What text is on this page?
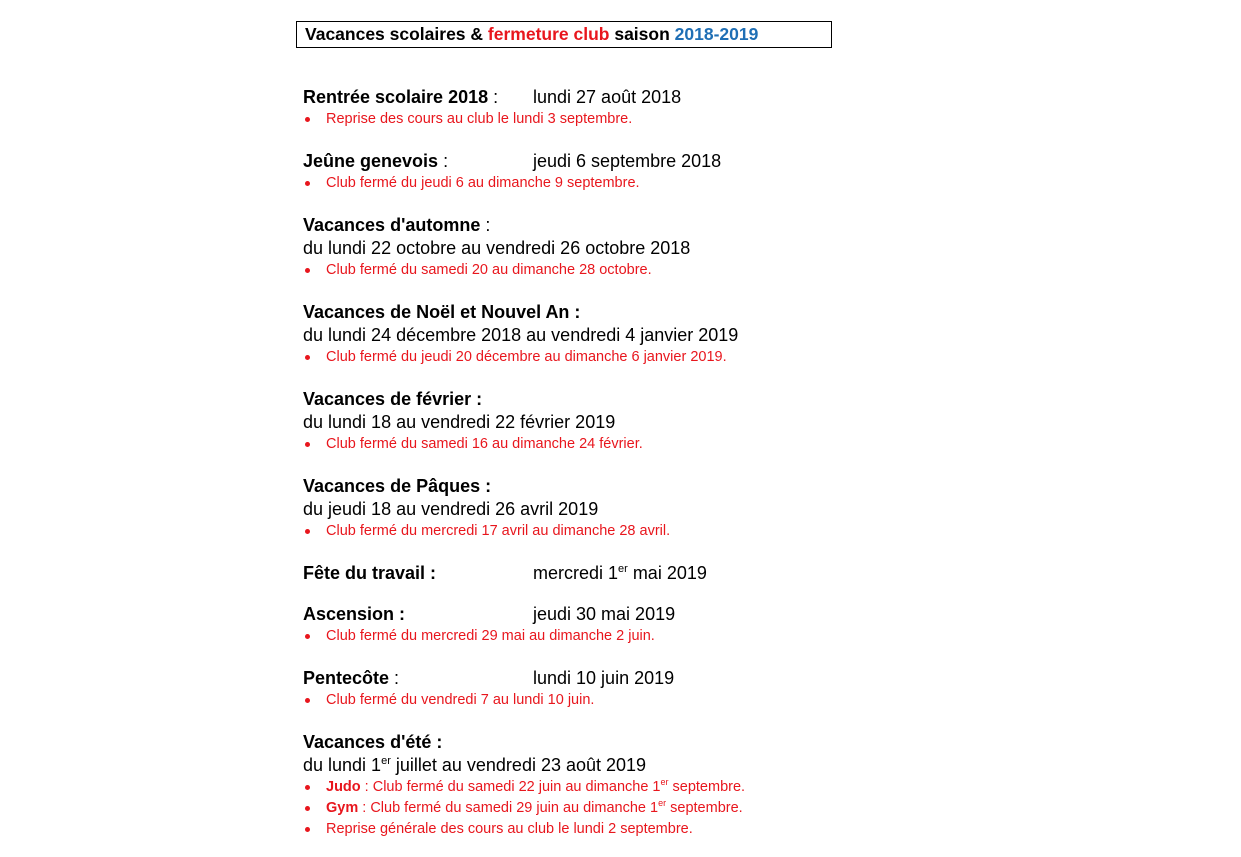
Vacances scolaires & fermeture club saison 2018-2019
Rentrée scolaire 2018 : lundi 27 août 2018
Reprise des cours au club le lundi 3 septembre.
Jeûne genevois :	jeudi 6 septembre 2018
Club fermé du jeudi 6 au dimanche 9 septembre.
Vacances d'automne :
du lundi 22 octobre au vendredi 26 octobre 2018
Club fermé du samedi 20 au dimanche 28 octobre.
Vacances de Noël et Nouvel An :
du lundi 24 décembre 2018 au vendredi 4 janvier 2019
Club fermé du jeudi 20 décembre au dimanche 6 janvier 2019.
Vacances de février :
du lundi 18 au vendredi 22 février 2019
Club fermé du samedi 16 au dimanche 24 février.
Vacances de Pâques :
du jeudi 18 au vendredi 26 avril 2019
Club fermé du mercredi 17 avril au dimanche 28 avril.
Fête du travail :	mercredi 1er mai 2019
Ascension :	jeudi 30 mai 2019
Club fermé du mercredi 29 mai au dimanche 2 juin.
Pentecôte :	lundi 10 juin 2019
Club fermé du vendredi 7 au lundi 10 juin.
Vacances d'été :
du lundi 1er juillet au vendredi 23 août 2019
Judo : Club fermé du samedi 22 juin au dimanche 1er septembre.
Gym : Club fermé du samedi 29 juin au dimanche 1er septembre.
Reprise générale des cours au club le lundi 2 septembre.
